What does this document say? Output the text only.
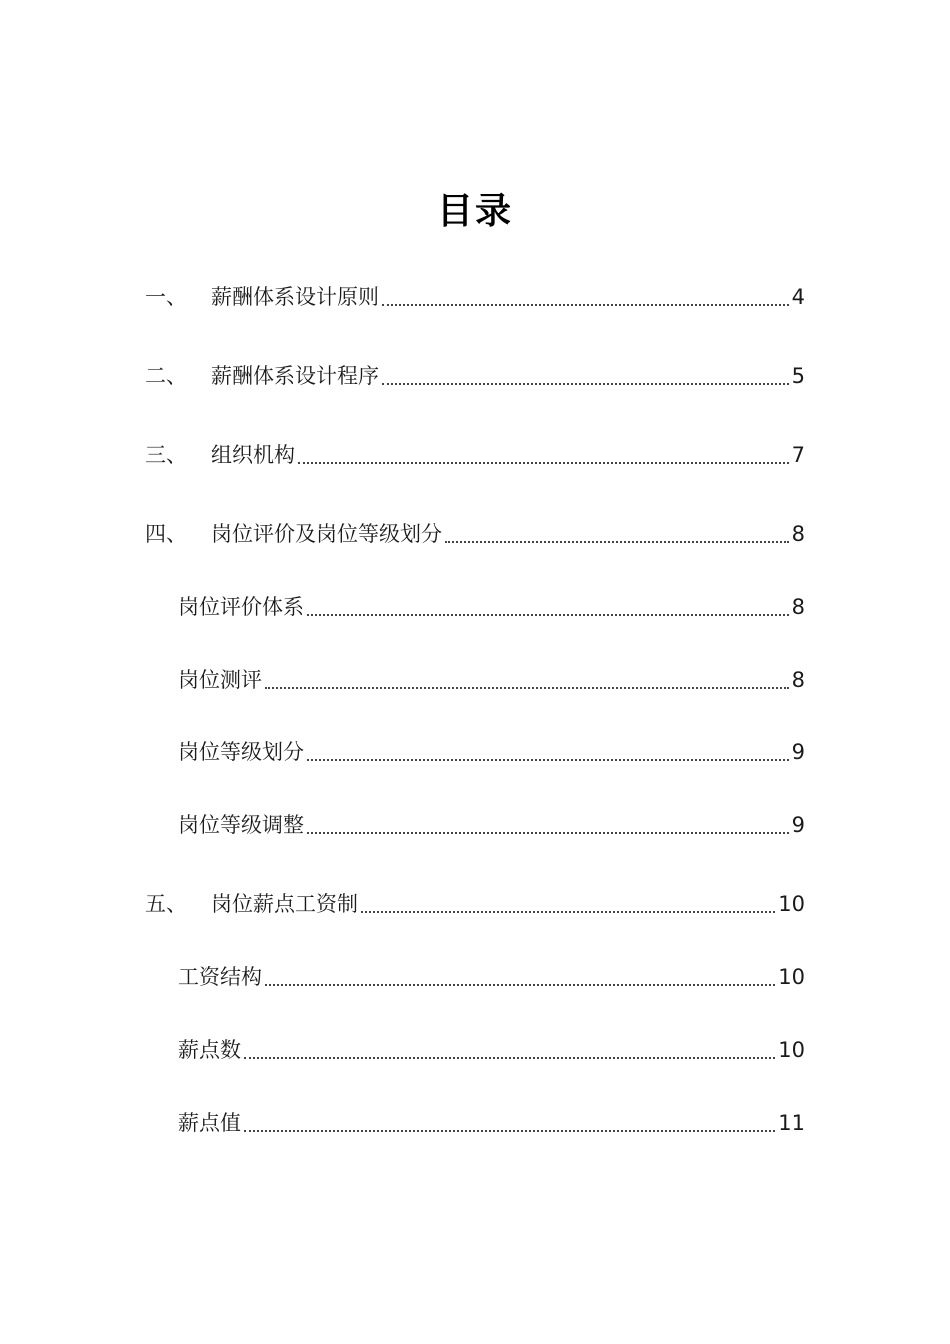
目录
一、	薪酬体系设计原则	4
二、	薪酬体系设计程序	5
三、	组织机构	7
四、	岗位评价及岗位等级划分	8
岗位评价体系	8
岗位测评	8
岗位等级划分	9
岗位等级调整	9
五、	岗位薪点工资制	10
工资结构	10
薪点数	10
薪点值	11
